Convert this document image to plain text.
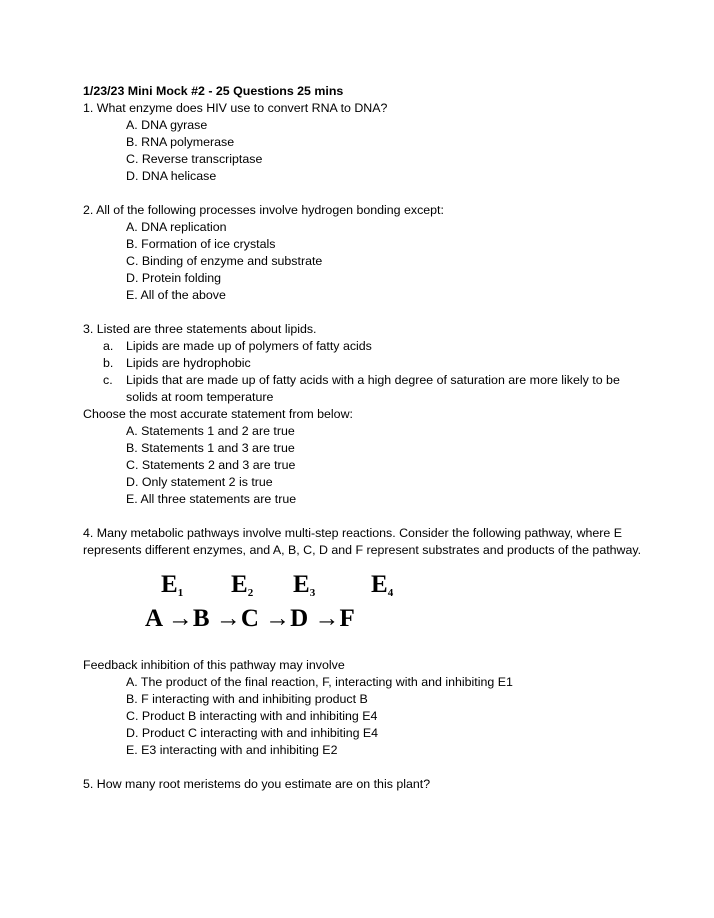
1/23/23 Mini Mock #2 - 25 Questions 25 mins
1. What enzyme does HIV use to convert RNA to DNA?
A. DNA gyrase
B. RNA polymerase
C. Reverse transcriptase
D. DNA helicase
2. All of the following processes involve hydrogen bonding except:
A. DNA replication
B. Formation of ice crystals
C. Binding of enzyme and substrate
D. Protein folding
E. All of the above
3. Listed are three statements about lipids.
a. Lipids are made up of polymers of fatty acids
b. Lipids are hydrophobic
c. Lipids that are made up of fatty acids with a high degree of saturation are more likely to be solids at room temperature
Choose the most accurate statement from below:
A. Statements 1 and 2 are true
B. Statements 1 and 3 are true
C. Statements 2 and 3 are true
D. Only statement 2 is true
E. All three statements are true
4. Many metabolic pathways involve multi-step reactions. Consider the following pathway, where E represents different enzymes, and A, B, C, D and F represent substrates and products of the pathway.
$E_1$ $E_2$ $E_3$ $E_4$
A →B →C →D →F
Feedback inhibition of this pathway may involve
A. The product of the final reaction, F, interacting with and inhibiting E1
B. F interacting with and inhibiting product B
C. Product B interacting with and inhibiting E4
D. Product C interacting with and inhibiting E4
E. E3 interacting with and inhibiting E2
5. How many root meristems do you estimate are on this plant?
